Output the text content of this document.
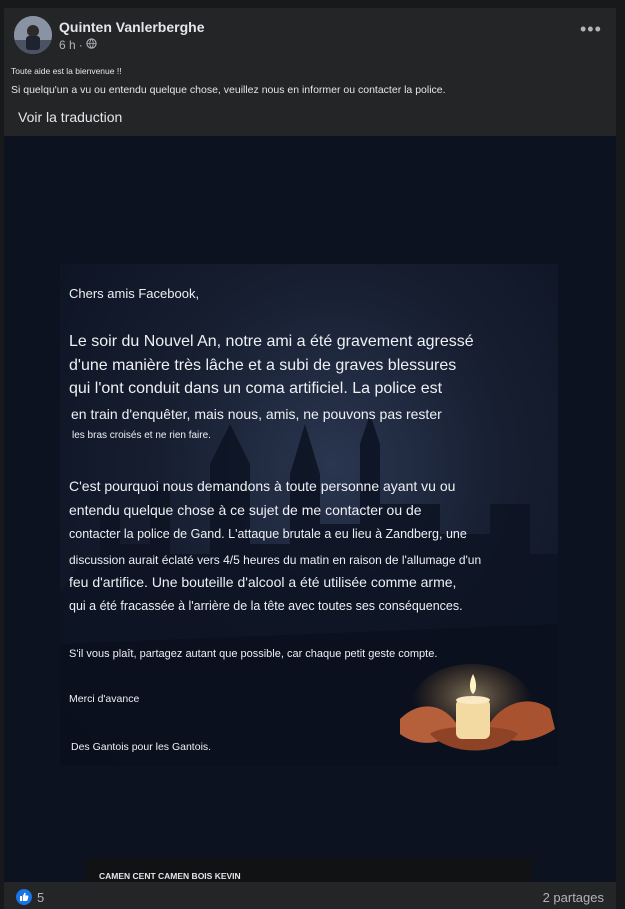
Quinten Vanlerberghe
6 h ·
•••
Toute aide est la bienvenue !!
Si quelqu'un a vu ou entendu quelque chose, veuillez nous en informer ou contacter la police.
Voir la traduction
Chers amis Facebook,
Le soir du Nouvel An, notre ami a été gravement agressé
d'une manière très lâche et a subi de graves blessures
qui l'ont conduit dans un coma artificiel. La police est
en train d'enquêter, mais nous, amis, ne pouvons pas rester
les bras croisés et ne rien faire.
C'est pourquoi nous demandons à toute personne ayant vu ou
entendu quelque chose à ce sujet de me contacter ou de
contacter la police de Gand. L'attaque brutale a eu lieu à Zandberg, une
discussion aurait éclaté vers 4/5 heures du matin en raison de l'allumage d'un
feu d'artifice. Une bouteille d'alcool a été utilisée comme arme,
qui a été fracassée à l'arrière de la tête avec toutes ses conséquences.
S'il vous plaît, partagez autant que possible, car chaque petit geste compte.
Merci d'avance
Des Gantois pour les Gantois.
CAMEN CENT CAMEN BOIS KEVIN
5	2 partages
